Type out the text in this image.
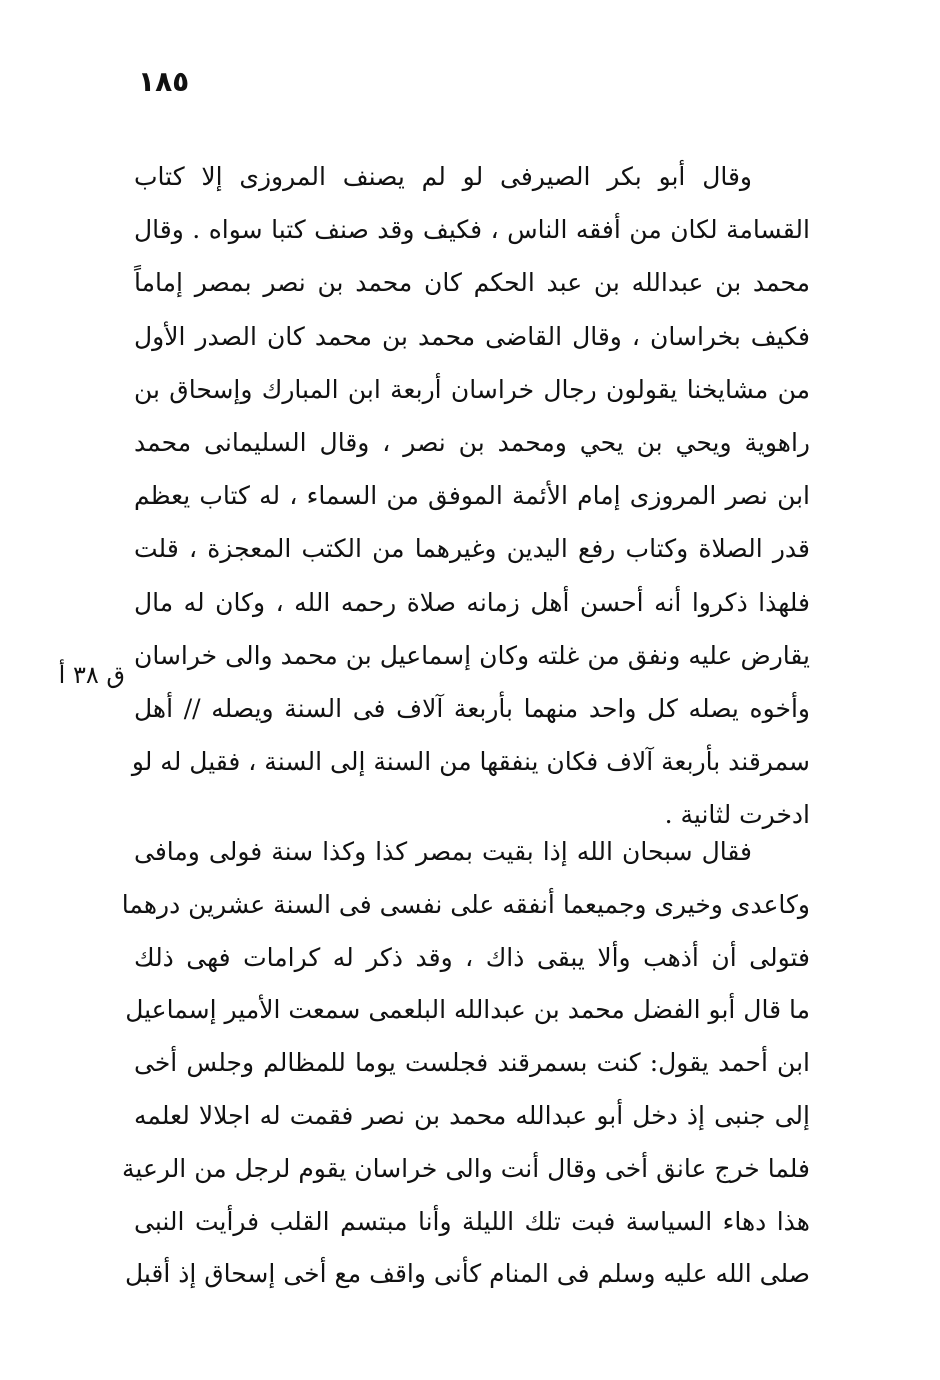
١٨٥
ق ٣٨ أ
وقال أبو بكر الصيرفى لو لم يصنف المروزى إلا كتاب
القسامة لكان من أفقه الناس ، فكيف وقد صنف كتبا سواه . وقال
محمد بن عبدالله بن عبد الحكم كان محمد بن نصر بمصر إماماً
فكيف بخراسان ، وقال القاضى محمد بن محمد كان الصدر الأول
من مشايخنا يقولون رجال خراسان أربعة ابن المبارك وإسحاق بن
راهوية ويحي بن يحي ومحمد بن نصر ، وقال السليمانى محمد
ابن نصر المروزى إمام الأئمة الموفق من السماء ، له كتاب يعظم
قدر الصلاة وكتاب رفع اليدين وغيرهما من الكتب المعجزة ، قلت
فلهذا ذكروا أنه أحسن أهل زمانه صلاة رحمه الله ، وكان له مال
يقارض عليه ونفق من غلته وكان إسماعيل بن محمد والى خراسان
وأخوه يصله كل واحد منهما بأربعة آلاف فى السنة ويصله // أهل
سمرقند بأربعة آلاف فكان ينفقها من السنة إلى السنة ، فقيل له لو
ادخرت لثانية .
فقال سبحان الله إذا بقيت بمصر كذا وكذا سنة فولى ومافى
وكاعدى وخيرى وجميعما أنفقه على نفسى فى السنة عشرين درهما
فتولى أن أذهب وألا يبقى ذاك ، وقد ذكر له كرامات فهى ذلك
ما قال أبو الفضل محمد بن عبدالله البلعمى سمعت الأمير إسماعيل
ابن أحمد يقول: كنت بسمرقند فجلست يوما للمظالم وجلس أخى
إلى جنبى إذ دخل أبو عبدالله محمد بن نصر فقمت له اجلالا لعلمه
فلما خرج عانق أخى وقال أنت والى خراسان يقوم لرجل من الرعية
هذا دهاء السياسة فبت تلك الليلة وأنا مبتسم القلب فرأيت النبى
صلى الله عليه وسلم فى المنام كأنى واقف مع أخى إسحاق إذ أقبل
